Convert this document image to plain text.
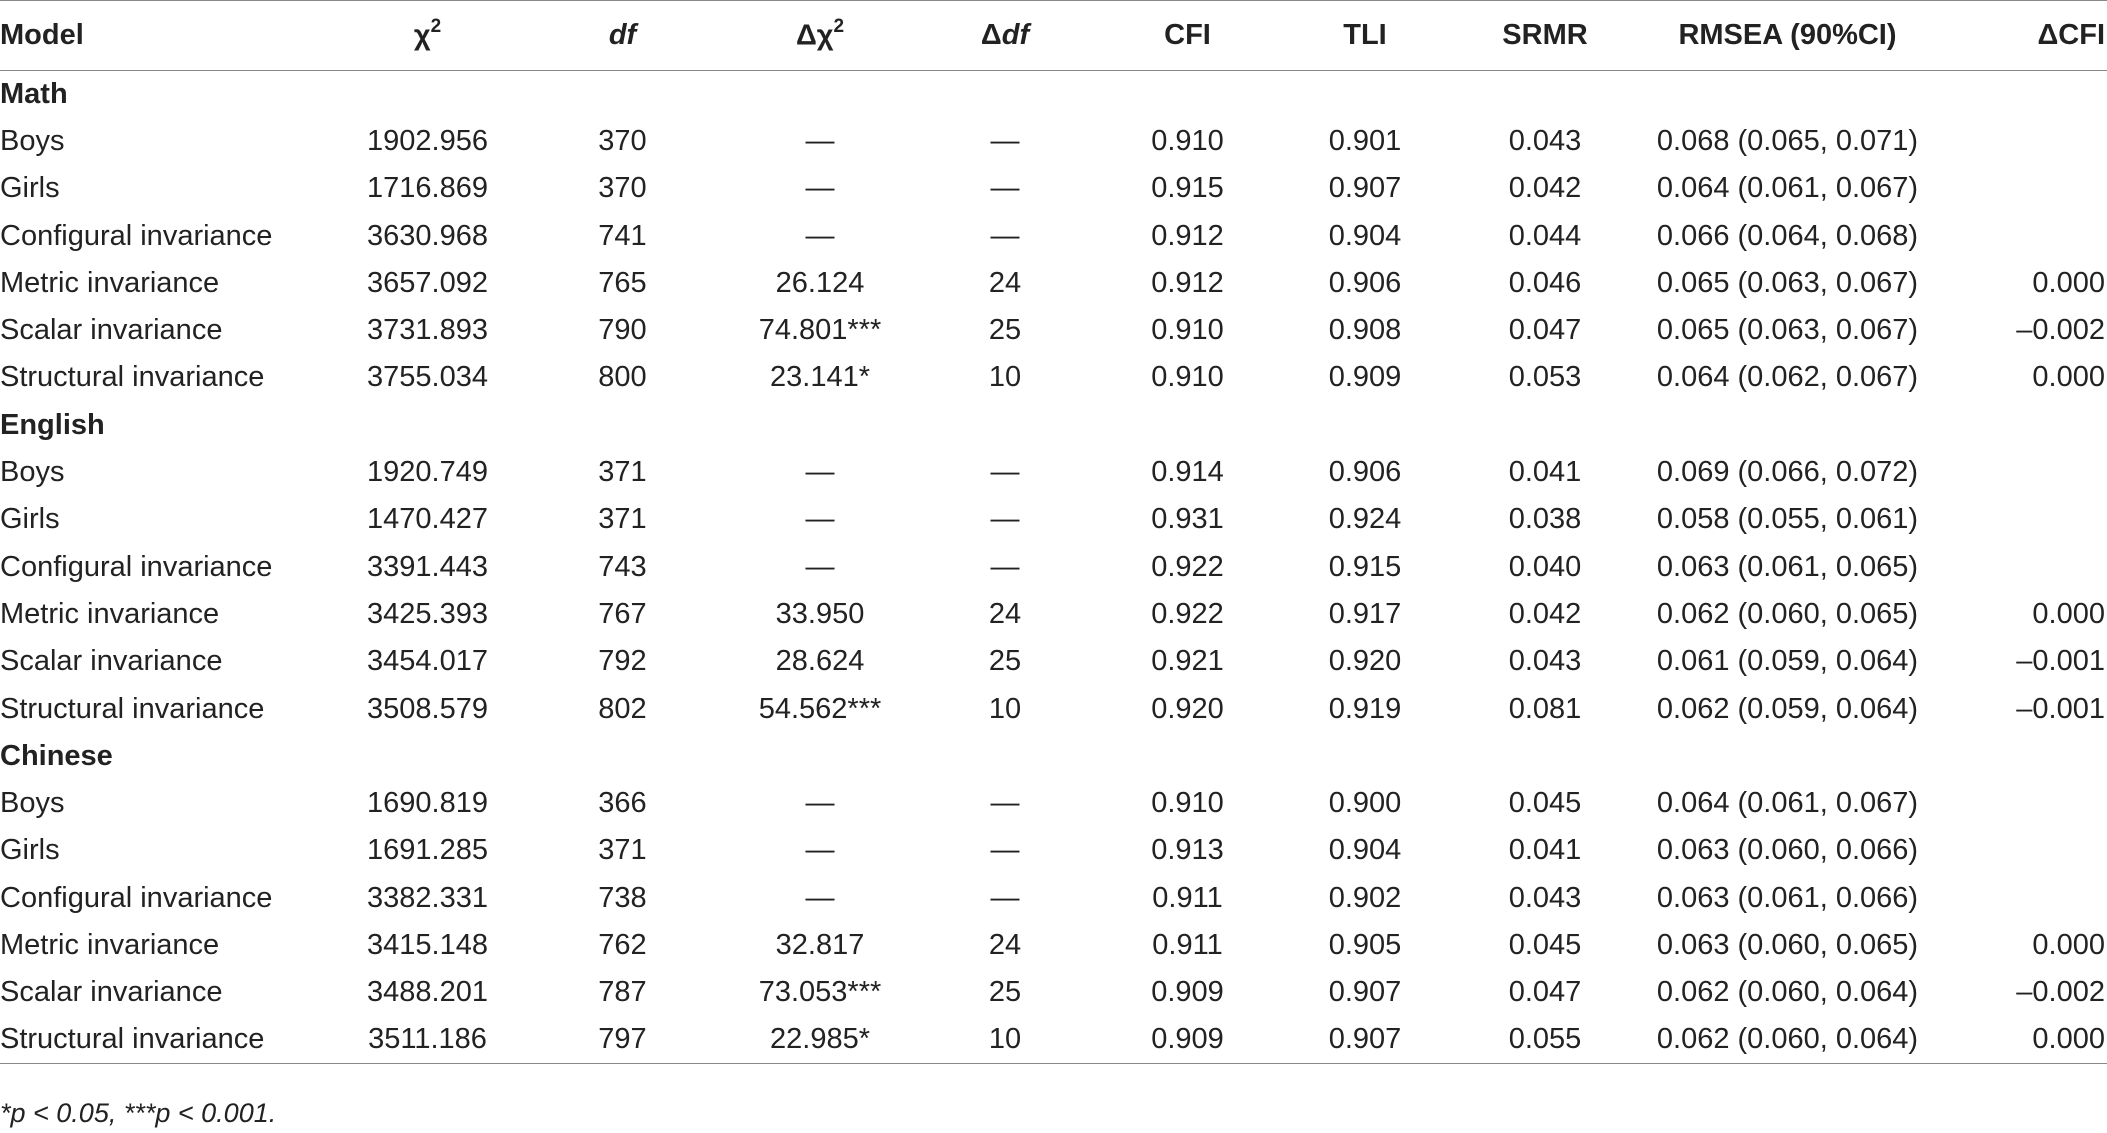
Model	$\chi^2$	df	$\Delta\chi^2$	Δdf	CFI	TLI	SRMR	RMSEA (90%CI)	ΔCFI
Math									
Boys	1902.956	370	—	—	0.910	0.901	0.043	0.068 (0.065, 0.071)	
Girls	1716.869	370	—	—	0.915	0.907	0.042	0.064 (0.061, 0.067)	
Configural invariance	3630.968	741	—	—	0.912	0.904	0.044	0.066 (0.064, 0.068)	
Metric invariance	3657.092	765	26.124	24	0.912	0.906	0.046	0.065 (0.063, 0.067)	0.000
Scalar invariance	3731.893	790	74.801***	25	0.910	0.908	0.047	0.065 (0.063, 0.067)	–0.002
Structural invariance	3755.034	800	23.141*	10	0.910	0.909	0.053	0.064 (0.062, 0.067)	0.000
English									
Boys	1920.749	371	—	—	0.914	0.906	0.041	0.069 (0.066, 0.072)	
Girls	1470.427	371	—	—	0.931	0.924	0.038	0.058 (0.055, 0.061)	
Configural invariance	3391.443	743	—	—	0.922	0.915	0.040	0.063 (0.061, 0.065)	
Metric invariance	3425.393	767	33.950	24	0.922	0.917	0.042	0.062 (0.060, 0.065)	0.000
Scalar invariance	3454.017	792	28.624	25	0.921	0.920	0.043	0.061 (0.059, 0.064)	–0.001
Structural invariance	3508.579	802	54.562***	10	0.920	0.919	0.081	0.062 (0.059, 0.064)	–0.001
Chinese									
Boys	1690.819	366	—	—	0.910	0.900	0.045	0.064 (0.061, 0.067)	
Girls	1691.285	371	—	—	0.913	0.904	0.041	0.063 (0.060, 0.066)	
Configural invariance	3382.331	738	—	—	0.911	0.902	0.043	0.063 (0.061, 0.066)	
Metric invariance	3415.148	762	32.817	24	0.911	0.905	0.045	0.063 (0.060, 0.065)	0.000
Scalar invariance	3488.201	787	73.053***	25	0.909	0.907	0.047	0.062 (0.060, 0.064)	–0.002
Structural invariance	3511.186	797	22.985*	10	0.909	0.907	0.055	0.062 (0.060, 0.064)	0.000
*p < 0.05, ***p < 0.001.
